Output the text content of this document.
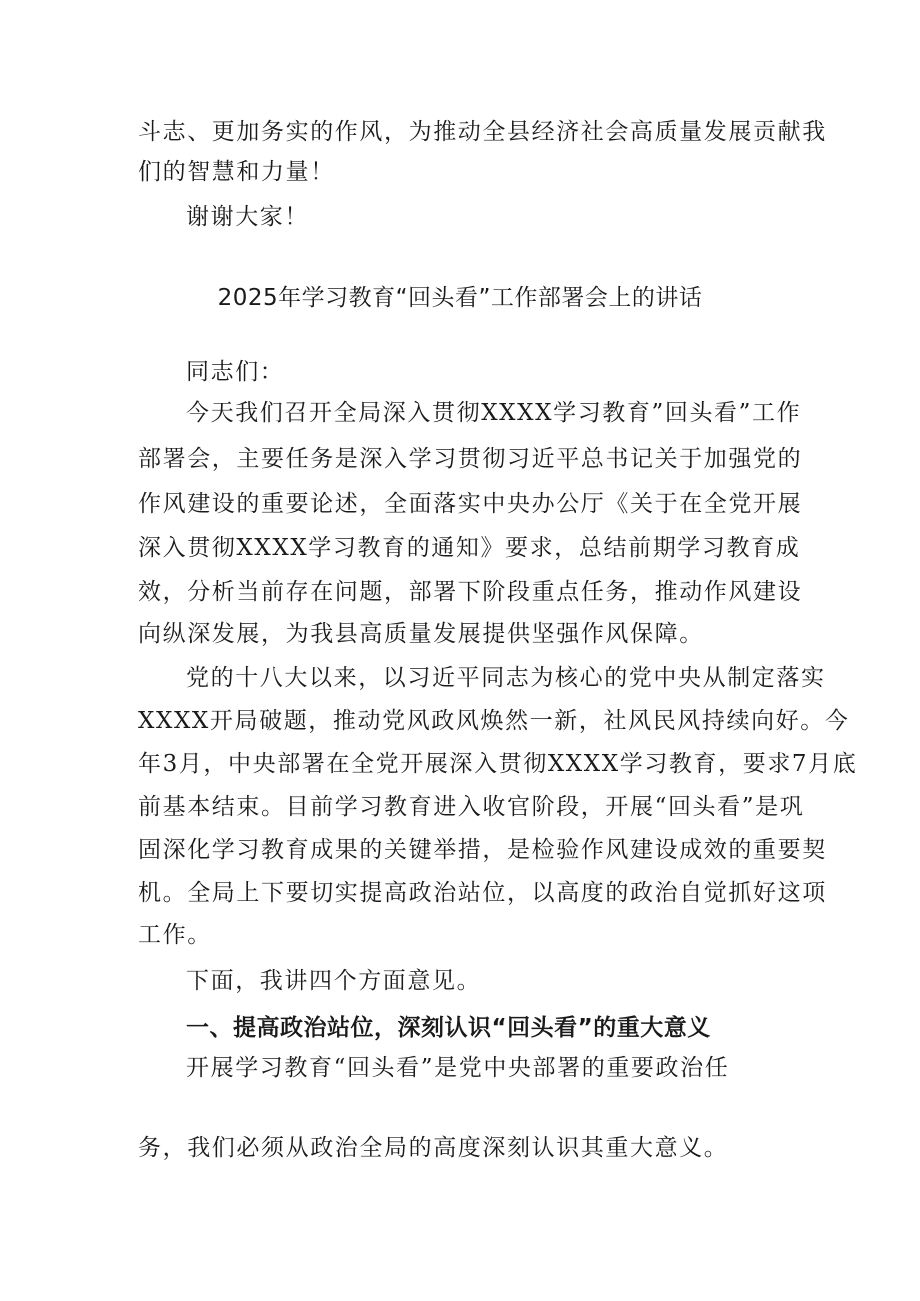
斗志、更加务实的作风，为推动全县经济社会高质量发展贡献我
们的智慧和力量！
谢谢大家！
2025年学习教育“回头看”工作部署会上的讲话
同志们：
今天我们召开全局深入贯彻XXXX学习教育”回头看”工作
部署会，主要任务是深入学习贯彻习近平总书记关于加强党的
作风建设的重要论述，全面落实中央办公厅《关于在全党开展
深入贯彻XXXX学习教育的通知》要求，总结前期学习教育成
效，分析当前存在问题，部署下阶段重点任务，推动作风建设
向纵深发展，为我县高质量发展提供坚强作风保障。
党的十八大以来，以习近平同志为核心的党中央从制定落实
XXXX开局破题，推动党风政风焕然一新，社风民风持续向好。今
年3月，中央部署在全党开展深入贯彻XXXX学习教育，要求7月底
前基本结束。目前学习教育进入收官阶段，开展“回头看”是巩
固深化学习教育成果的关键举措，是检验作风建设成效的重要契
机。全局上下要切实提高政治站位，以高度的政治自觉抓好这项
工作。
下面，我讲四个方面意见。
一、提高政治站位，深刻认识“回头看”的重大意义
开展学习教育“回头看”是党中央部署的重要政治任
务，我们必须从政治全局的高度深刻认识其重大意义。
